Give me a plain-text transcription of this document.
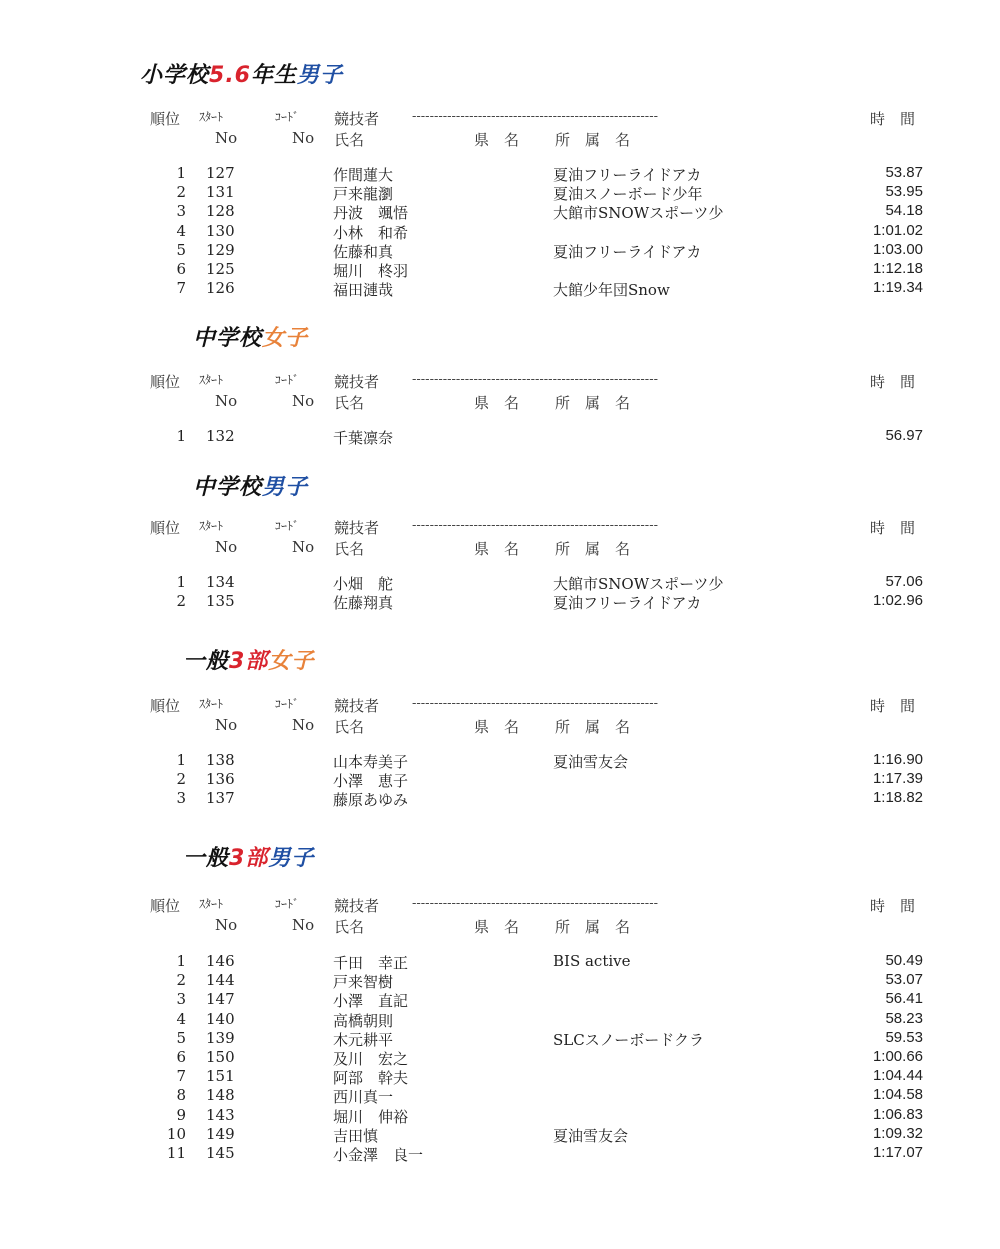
小学校5.6年生男子
順位 ｽﾀｰﾄ	ｺｰﾄﾞ 競技者	--------------------------------------------------------	時　間
No	No 氏名	県　名 所　属　名
1 127	作間蓮大	夏油フリーライドアカ	53.87
2 131	戸来龍瀏	夏油スノーボード少年	53.95
3 128	丹波　颯悟	大館市SNOWスポーツ少	54.18
4 130	小林　和希	1:01.02
5 129	佐藤和真	夏油フリーライドアカ	1:03.00
6 125	堀川　柊羽	1:12.18
7 126	福田漣哉	大館少年団Snow	1:19.34
中学校女子
順位 ｽﾀｰﾄ	ｺｰﾄﾞ 競技者	--------------------------------------------------------	時　間
No	No 氏名	県　名 所　属　名
1 132	千葉凛奈	56.97
中学校男子
順位 ｽﾀｰﾄ	ｺｰﾄﾞ 競技者	--------------------------------------------------------	時　間
No	No 氏名	県　名 所　属　名
1 134	小畑　舵	大館市SNOWスポーツ少	57.06
2 135	佐藤翔真	夏油フリーライドアカ	1:02.96
一般3部女子
順位 ｽﾀｰﾄ	ｺｰﾄﾞ 競技者	--------------------------------------------------------	時　間
No	No 氏名	県　名 所　属　名
1 138	山本寿美子	夏油雪友会	1:16.90
2 136	小澤　恵子	1:17.39
3 137	藤原あゆみ	1:18.82
一般3部男子
順位 ｽﾀｰﾄ	ｺｰﾄﾞ 競技者	--------------------------------------------------------	時　間
No	No 氏名	県　名 所　属　名
1 146	千田　幸正	BIS active	50.49
2 144	戸来智樹	53.07
3 147	小澤　直記	56.41
4 140	高橋朝則	58.23
5 139	木元耕平	SLCスノーボードクラ	59.53
6 150	及川　宏之	1:00.66
7 151	阿部　幹夫	1:04.44
8 148	西川真一	1:04.58
9 143	堀川　伸裕	1:06.83
10 149	吉田慎	夏油雪友会	1:09.32
11 145	小金澤　良一	1:17.07
